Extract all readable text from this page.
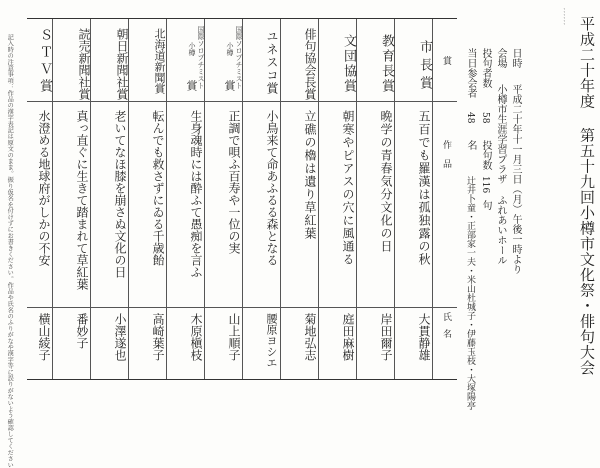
平成二十年度 第五十九回小樽市文化祭・俳句大会
、、、、、、
日時
平成二十年十一月三日（月）午後一時より
会場
小樽市生涯学習プラザ ふれあいホール
投句者数
58
投句数
116
句
当日参会者
48
名
辻井卜童・正部家一夫・米山杜城子・伊藤玉枝・大塚陽亭
賞
作品
氏名
市長賞
五百でも羅漢は孤独露の秋
大貫静雄
教育長賞
晩学の青春気分文化の日
岸田爾子
文団協賞
朝寒やピアスの穴に風通る
庭田麻樹
俳句協会長賞
立礁の櫓は遺り草紅葉
菊地弘志
ユネスコ賞
小鳥来て命あふるる森となる
腰原ヨシエ
国際ソロプチミスト
小樽
賞
正調で唄ふ百寿や一位の実
山上順子
国際ソロプチミスト
小樽
賞
生身魂時には酔ふて愚痴を言ふ
木原槇枝
北海道新聞賞
転んでも救さずにゐる千歳飴
高崎葉子
朝日新聞社賞
老いてなほ膝を崩さぬ文化の日
小澤遂也
読売新聞社賞
真っ直ぐに生きて踏まれて草紅葉
番妙子
ＳＴＶ賞
水澄める地球府がしかの不安
横山綾子
記入時の注意事項：作品の漢字表記は原文のまま。振り仮名を付けずにお書きください。作品や氏名のふりがなや漢字等に誤りがないよう確認してください
